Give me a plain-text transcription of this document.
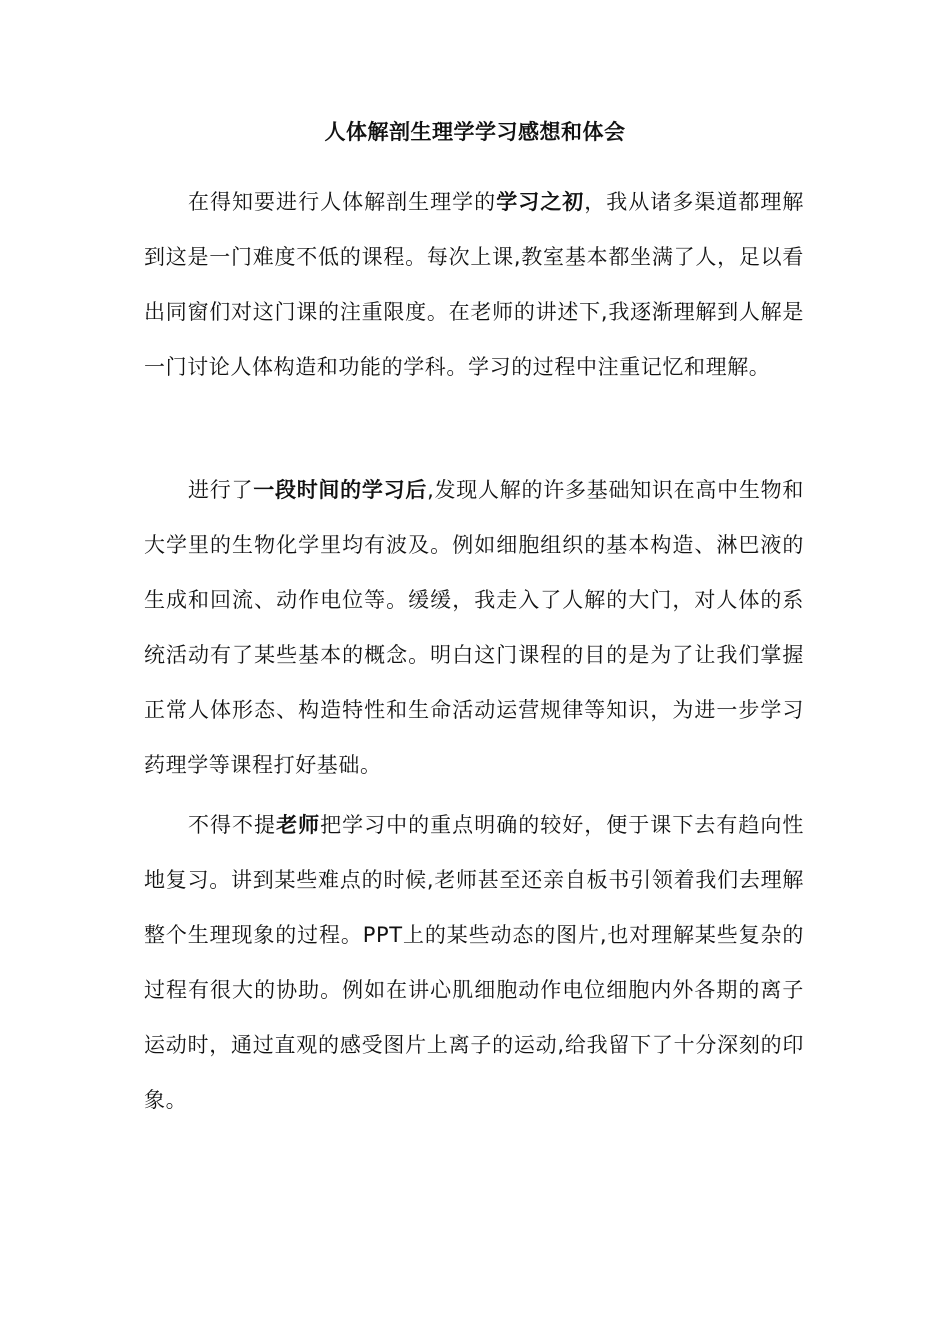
人体解剖生理学学习感想和体会

在得知要进行人体解剖生理学的学习之初，我从诸多渠道都理解到这是一门难度不低的课程。每次上课,教室基本都坐满了人，足以看出同窗们对这门课的注重限度。在老师的讲述下,我逐渐理解到人解是一门讨论人体构造和功能的学科。学习的过程中注重记忆和理解。

进行了一段时间的学习后,发现人解的许多基础知识在高中生物和大学里的生物化学里均有波及。例如细胞组织的基本构造、淋巴液的生成和回流、动作电位等。缓缓，我走入了人解的大门，对人体的系统活动有了某些基本的概念。明白这门课程的目的是为了让我们掌握正常人体形态、构造特性和生命活动运营规律等知识，为进一步学习药理学等课程打好基础。

不得不提老师把学习中的重点明确的较好，便于课下去有趋向性地复习。讲到某些难点的时候,老师甚至还亲自板书引领着我们去理解整个生理现象的过程。PPT上的某些动态的图片,也对理解某些复杂的过程有很大的协助。例如在讲心肌细胞动作电位细胞内外各期的离子运动时，通过直观的感受图片上离子的运动,给我留下了十分深刻的印象。
